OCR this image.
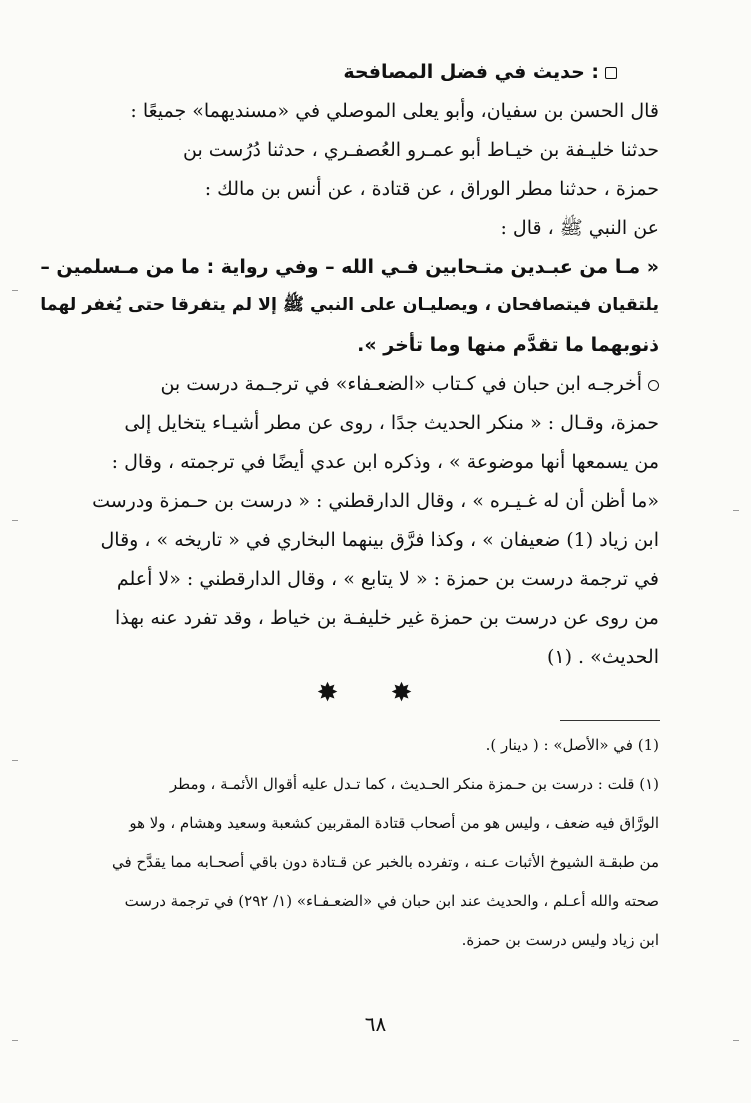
: حديث في فضل المصافحة
قال الحسن بن سفيان، وأبو يعلى الموصلي في «مسنديهما» جميعًا :
حدثنا خليـفة بن خيـاط أبو عمـرو العُصفـري ، حدثنا دُرُست بن
حمزة ، حدثنا مطر الوراق ، عن قتادة ، عن أنس بن مالك :
عن النبي ﷺ ، قال :
« مـا من عبـدين متـحابين فـي الله – وفي رواية : ما من مـسلمين –
يلتقيان فيتصافحان ، ويصليـان على النبي ﷺ إلا لم يتفرقا حتى يُغفر لهما
ذنوبهما ما تقدَّم منها وما تأخر ».
أخرجـه ابن حبان في كـتاب «الضعـفاء» في ترجـمة درست بن
حمزة، وقـال : « منكر الحديث جدًا ، روى عن مطر أشيـاء يتخايل إلى
من يسمعها أنها موضوعة » ، وذكره ابن عدي أيضًا في ترجمته ، وقال :
«ما أظن أن له غـيـره » ، وقال الدارقطني : « درست بن حـمزة ودرست
ابن زياد (1) ضعيفان » ، وكذا فرَّق بينهما البخاري في « تاريخه » ، وقال
في ترجمة درست بن حمزة : « لا يتابع » ، وقال الدارقطني : «لا أعلم
من روى عن درست بن حمزة غير خليفـة بن خياط ، وقد تفرد عنه بهذا
الحديث» . (١)
✸ ✸
(1) في «الأصل» : ( دينار ).
(١) قلت : درست بن حـمزة منكر الحـديث ، كما تـدل عليه أقوال الأئمـة ، ومطر
الورَّاق فيه ضعف ، وليس هو من أصحاب قتادة المقربين كشعبة وسعيد وهشام ، ولا هو
من طبقـة الشيوخ الأثبات عـنه ، وتفرده بالخبر عن قـتادة دون باقي أصحـابه مما يقدَّح في
صحته والله أعـلم ، والحديث عند ابن حبان في «الضعـفـاء» (١/ ٢٩٢) في ترجمة درست
ابن زياد وليس درست بن حمزة.
٦٨
